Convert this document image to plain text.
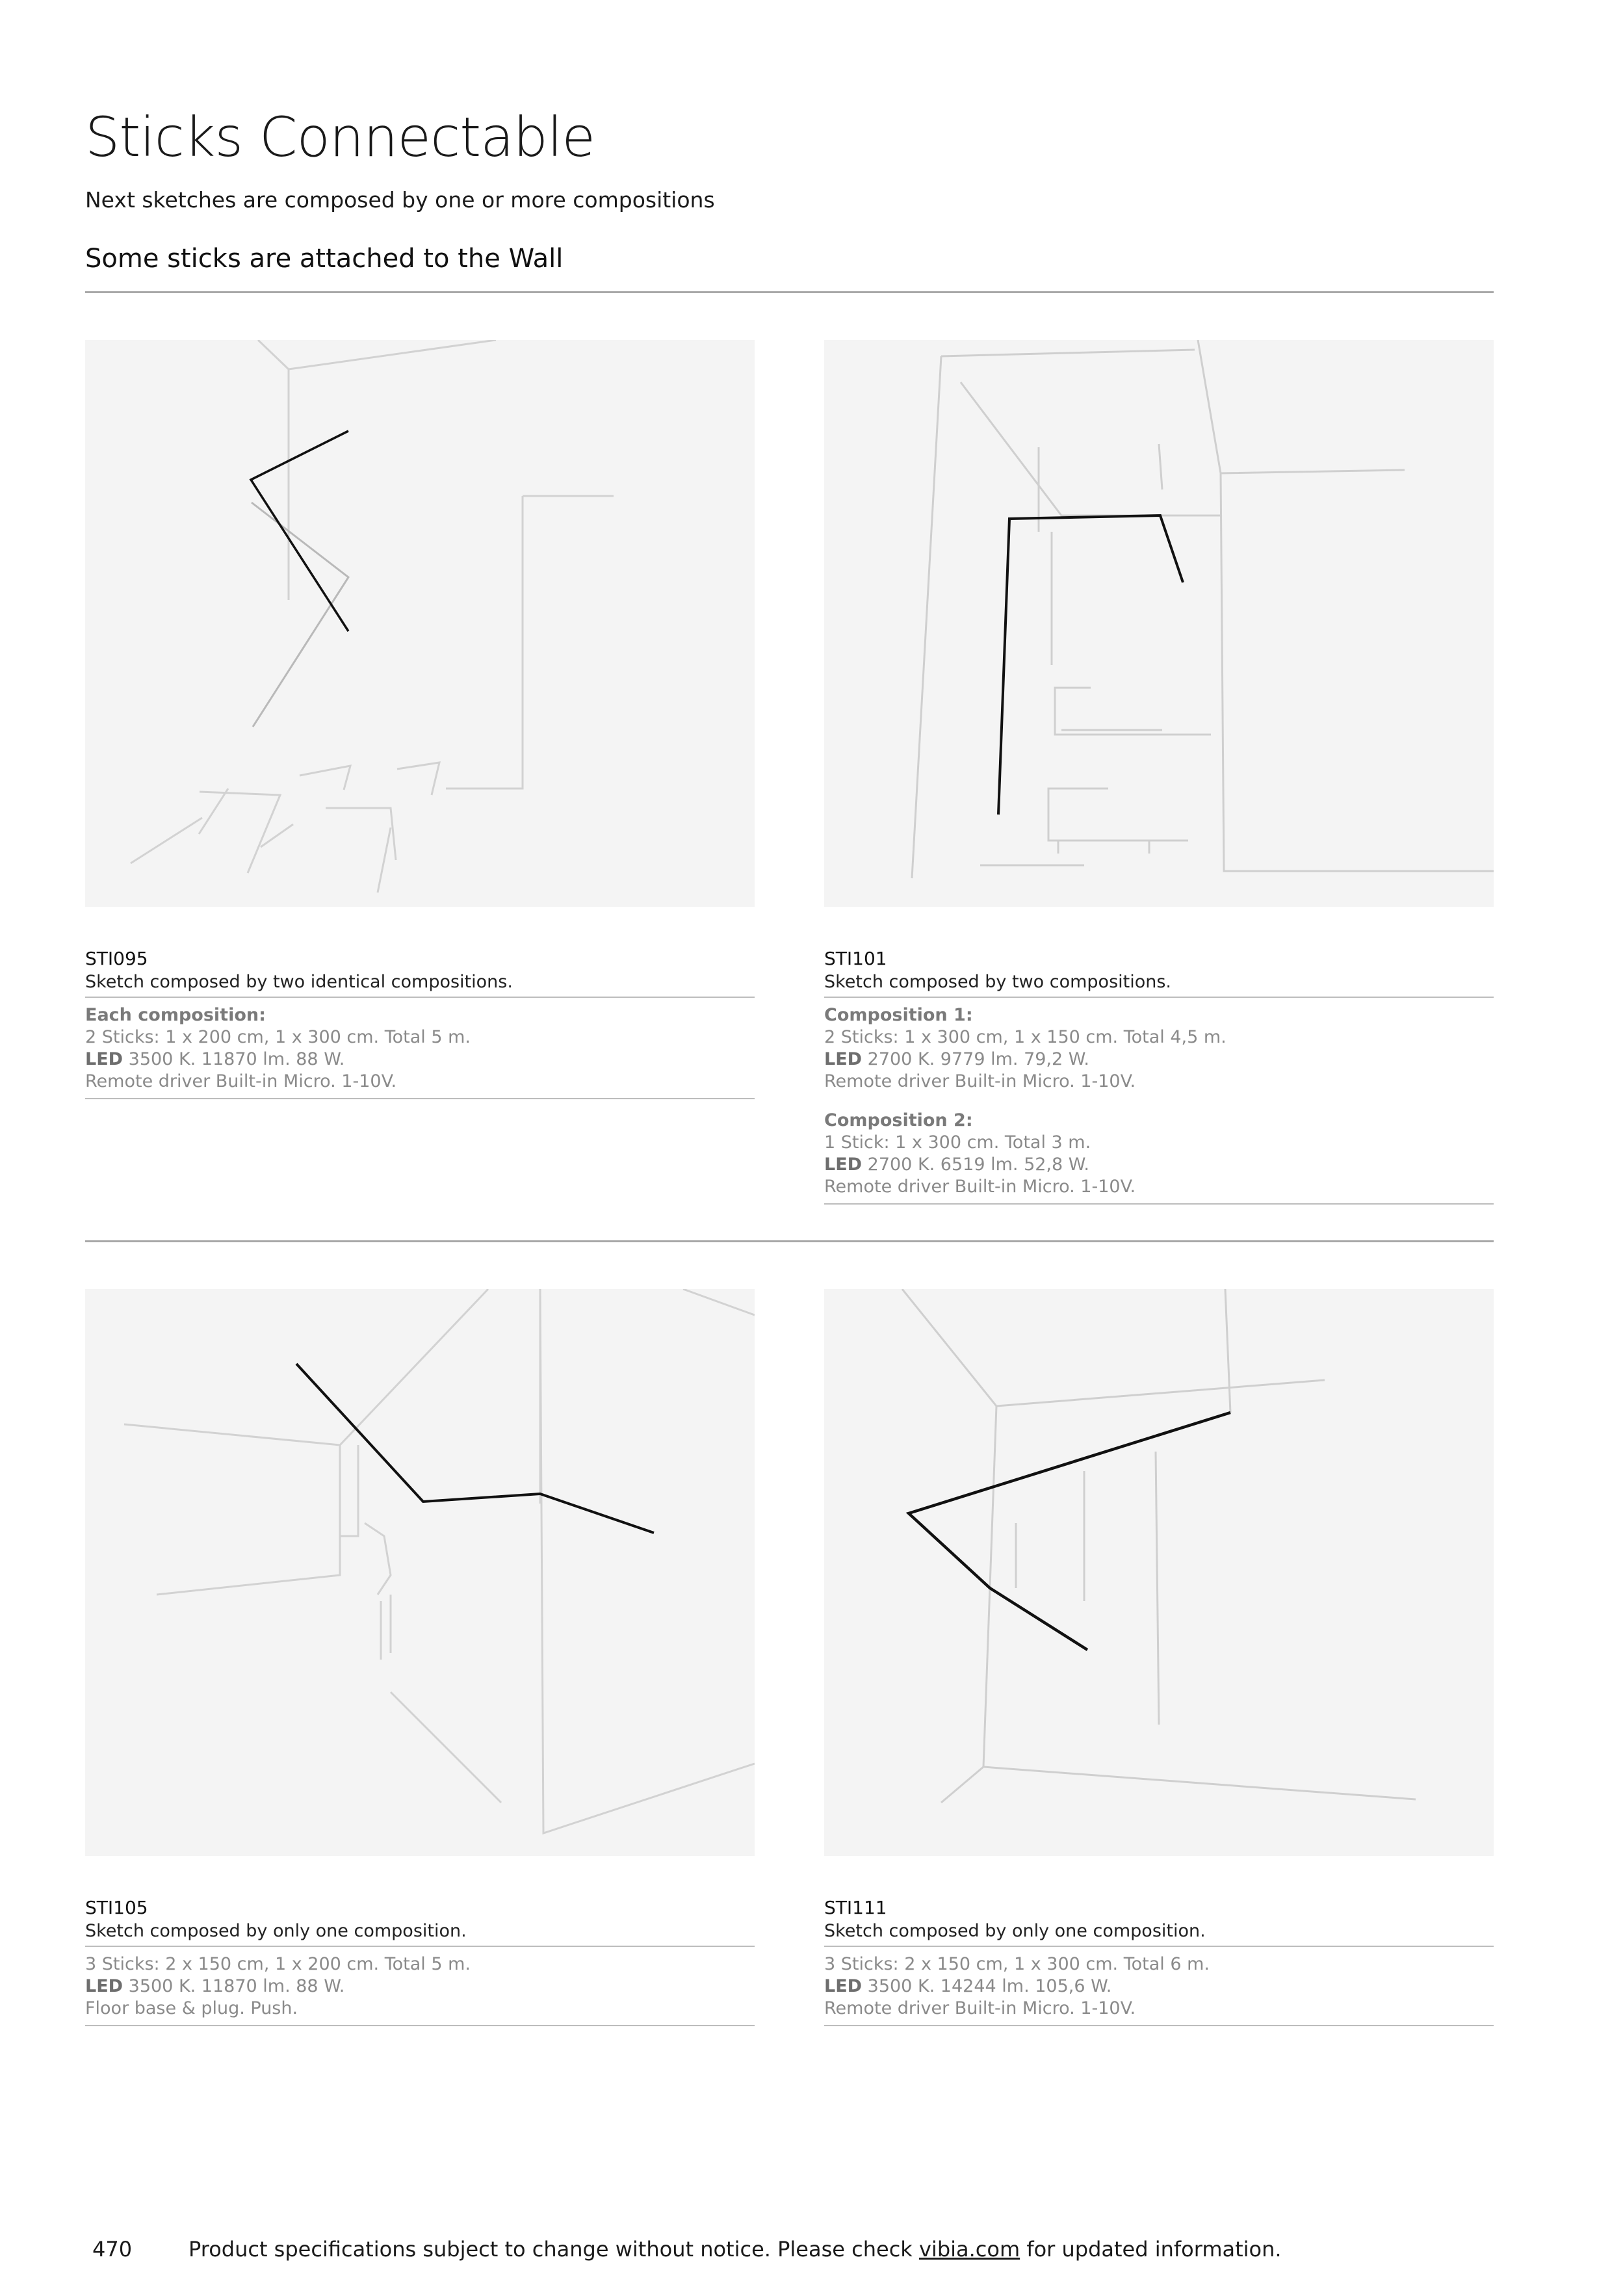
Sticks Connectable

Next sketches are composed by one or more compositions

Some sticks are attached to the Wall

STI095

Sketch composed by two identical compositions.

Each composition:

2 Sticks: 1 x 200 cm, 1 x 300 cm. Total 5 m.

LED 3500 K. 11870 lm. 88 W.

Remote driver Built-in Micro. 1-10V.

STI101

Sketch composed by two compositions.

Composition 1:

2 Sticks: 1 x 300 cm, 1 x 150 cm. Total 4,5 m.

LED 2700 K. 9779 lm. 79,2 W.

Remote driver Built-in Micro. 1-10V.

Composition 2:

1 Stick: 1 x 300 cm. Total 3 m.

LED 2700 K. 6519 lm. 52,8 W.

Remote driver Built-in Micro. 1-10V.

STI105

Sketch composed by only one composition.

3 Sticks: 2 x 150 cm, 1 x 200 cm. Total 5 m.

LED 3500 K. 11870 lm. 88 W.

Floor base & plug. Push.

STI111

Sketch composed by only one composition.

3 Sticks: 2 x 150 cm, 1 x 300 cm. Total 6 m.

LED 3500 K. 14244 lm. 105,6 W.

Remote driver Built-in Micro. 1-10V.

470	Product specifications subject to change without notice. Please check vibia.com for updated information.
